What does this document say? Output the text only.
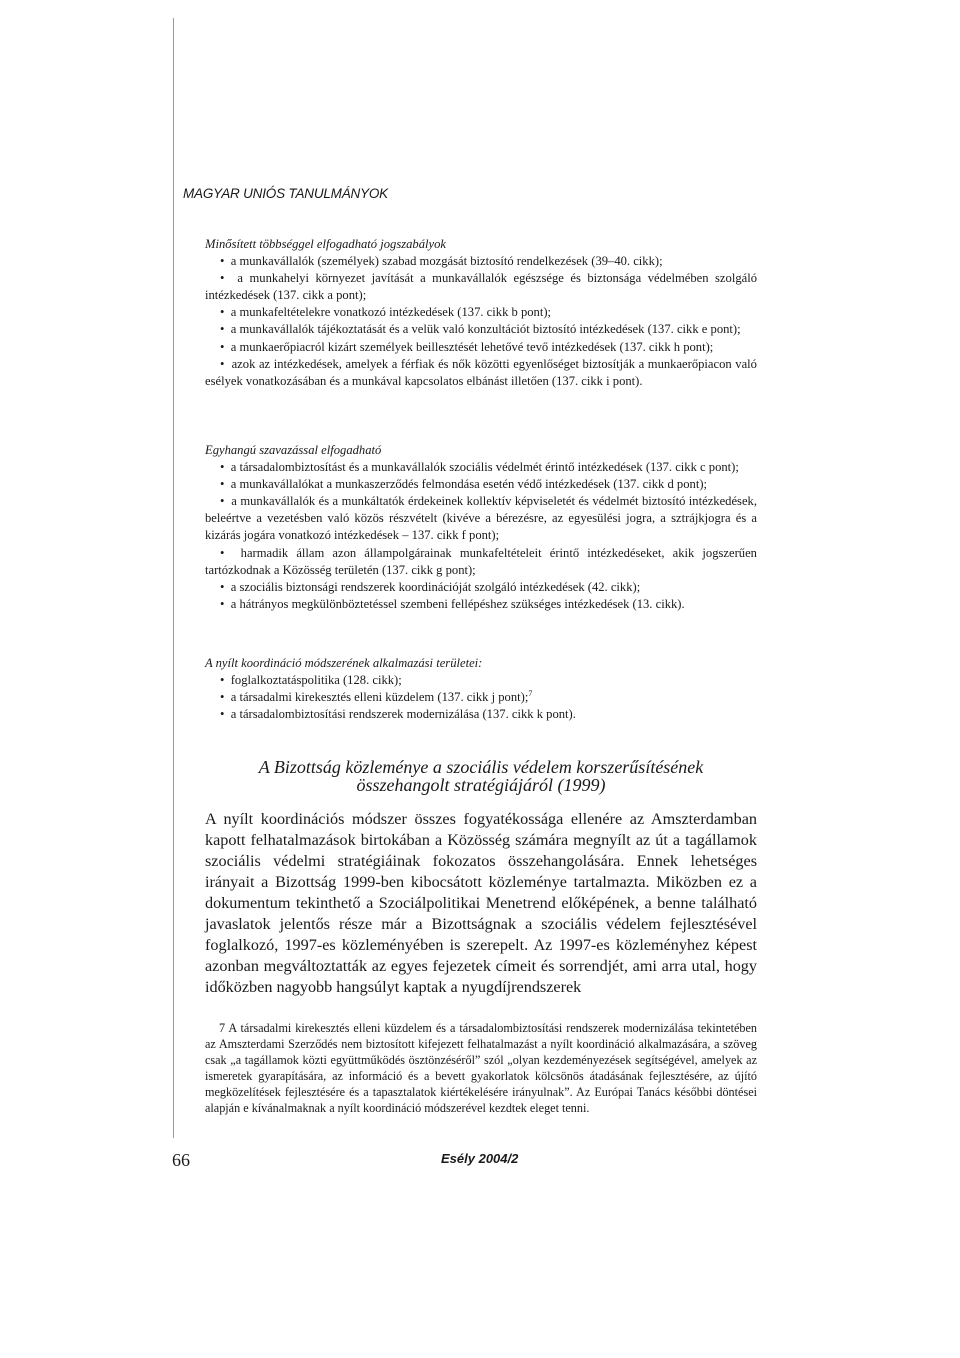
MAGYAR UNIÓS TANULMÁNYOK

Minősített többséggel elfogadható jogszabályok

•  a munkavállalók (személyek) szabad mozgását biztosító rendelkezések (39–40. cikk);

•  a munkahelyi környezet javítását a munkavállalók egészsége és biztonsága védelmében szolgáló intézkedések (137. cikk a pont);

•  a munkafeltételekre vonatkozó intézkedések (137. cikk b pont);

•  a munkavállalók tájékoztatását és a velük való konzultációt biztosító intézkedések (137. cikk e pont);

•  a munkaerőpiacról kizárt személyek beillesztését lehetővé tevő intézkedések (137. cikk h pont);

•  azok az intézkedések, amelyek a férfiak és nők közötti egyenlőséget biztosítják a munkaerőpiacon való esélyek vonatkozásában és a munkával kapcsolatos elbánást illetően (137. cikk i pont).

Egyhangú szavazással elfogadható

•  a társadalombiztosítást és a munkavállalók szociális védelmét érintő intézkedések (137. cikk c pont);

•  a munkavállalókat a munkaszerződés felmondása esetén védő intézkedések (137. cikk d pont);

•  a munkavállalók és a munkáltatók érdekeinek kollektív képviseletét és védelmét biztosító intézkedések, beleértve a vezetésben való közös részvételt (kivéve a bérezésre, az egyesülési jogra, a sztrájkjogra és a kizárás jogára vonatkozó intézkedések – 137. cikk f pont);

•  harmadik állam azon állampolgárainak munkafeltételeit érintő intézkedéseket, akik jogszerűen tartózkodnak a Közösség területén (137. cikk g pont);

•  a szociális biztonsági rendszerek koordinációját szolgáló intézkedések (42. cikk);

•  a hátrányos megkülönböztetéssel szembeni fellépéshez szükséges intézkedések (13. cikk).

A nyílt koordináció módszerének alkalmazási területei:

•  foglalkoztatáspolitika (128. cikk);

•  a társadalmi kirekesztés elleni küzdelem (137. cikk j pont);$^7$

•  a társadalombiztosítási rendszerek modernizálása (137. cikk k pont).

A Bizottság közleménye a szociális védelem korszerűsítésének
összehangolt stratégiájáról (1999)

A nyílt koordinációs módszer összes fogyatékossága ellenére az Amszterdamban kapott felhatalmazások birtokában a Közösség számára megnyílt az út a tagállamok szociális védelmi stratégiáinak fokozatos összehangolására. Ennek lehetséges irányait a Bizottság 1999-ben kibocsátott közleménye tartalmazta. Miközben ez a dokumentum tekinthető a Szociálpolitikai Menetrend előképének, a benne található javaslatok jelentős része már a Bizottságnak a szociális védelem fejlesztésével foglalkozó, 1997-es közleményében is szerepelt. Az 1997-es közleményhez képest azonban megváltoztatták az egyes fejezetek címeit és sorrendjét, ami arra utal, hogy időközben nagyobb hangsúlyt kaptak a nyugdíjrendszerek

7 A társadalmi kirekesztés elleni küzdelem és a társadalombiztosítási rendszerek modernizálása tekintetében az Amszterdami Szerződés nem biztosított kifejezett felhatalmazást a nyílt koordináció alkalmazására, a szöveg csak „a tagállamok közti együttműködés ösztönzéséről” szól „olyan kezdeményezések segítségével, amelyek az ismeretek gyarapítására, az információ és a bevett gyakorlatok kölcsönös átadásának fejlesztésére, az újító megközelítések fejlesztésére és a tapasztalatok kiértékelésére irányulnak”. Az Európai Tanács későbbi döntései alapján e kívánalmaknak a nyílt koordináció módszerével kezdtek eleget tenni.

66	Esély 2004/2
